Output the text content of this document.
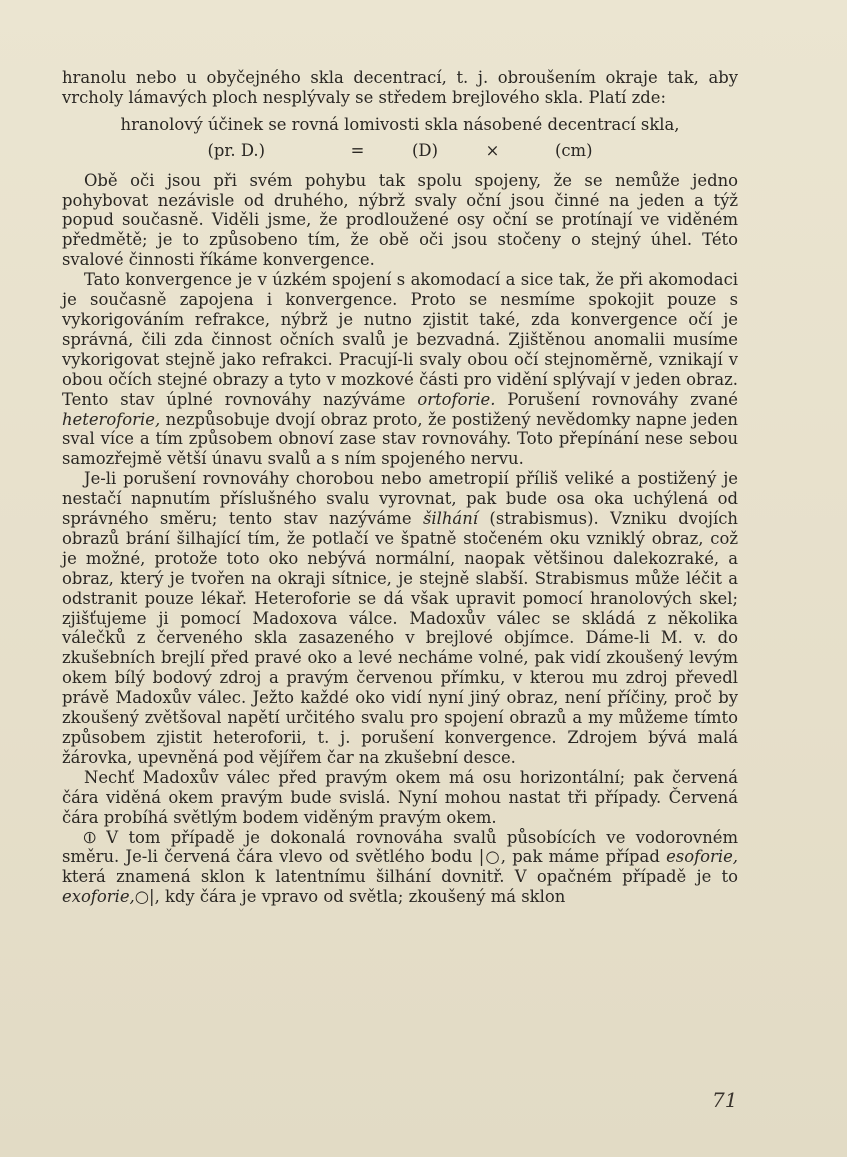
hranolu nebo u obyčejného skla decentrací, t. j. obroušením okraje tak, aby vrcholy lámavých ploch nesplývaly se středem brejlového skla. Platí zde:

hranolový účinek se rovná lomivosti skla násobené decentrací skla,

(pr. D.)	=	(D)	×	(cm)

Obě oči jsou při svém pohybu tak spolu spojeny, že se nemůže jedno pohybovat nezávisle od druhého, nýbrž svaly oční jsou činné na jeden a týž popud současně. Viděli jsme, že prodloužené osy oční se protínají ve viděném předmětě; je to způsobeno tím, že obě oči jsou stočeny o stejný úhel. Této svalové činnosti říkáme konvergence.

Tato konvergence je v úzkém spojení s akomodací a sice tak, že při akomodaci je současně zapojena i konvergence. Proto se nesmíme spokojit pouze s vykorigováním refrakce, nýbrž je nutno zjistit také, zda konvergence očí je správná, čili zda činnost očních svalů je bezvadná. Zjištěnou anomalii musíme vykorigovat stejně jako refrakci. Pracují-li svaly obou očí stejnoměrně, vznikají v obou očích stejné obrazy a tyto v mozkové části pro vidění splývají v jeden obraz. Tento stav úplné rovnováhy nazýváme ortoforie. Porušení rovnováhy zvané heteroforie, nezpůsobuje dvojí obraz proto, že postižený nevědomky napne jeden sval více a tím způsobem obnoví zase stav rovnováhy. Toto přepínání nese sebou samozřejmě větší únavu svalů a s ním spojeného nervu.

Je-li porušení rovnováhy chorobou nebo ametropií příliš veliké a postižený je nestačí napnutím příslušného svalu vyrovnat, pak bude osa oka uchýlená od správného směru; tento stav nazýváme šilhání (strabismus). Vzniku dvojích obrazů brání šilhající tím, že potlačí ve špatně stočeném oku vzniklý obraz, což je možné, protože toto oko nebývá normální, naopak většinou dalekozraké, a obraz, který je tvořen na okraji sítnice, je stejně slabší. Strabismus může léčit a odstranit pouze lékař. Heteroforie se dá však upravit pomocí hranolových skel; zjišťujeme ji pomocí Madoxova válce. Madoxův válec se skládá z několika válečků z červeného skla zasazeného v brejlové objímce. Dáme-li M. v. do zkušebních brejlí před pravé oko a levé necháme volné, pak vidí zkoušený levým okem bílý bodový zdroj a pravým červenou přímku, v kterou mu zdroj převedl právě Madoxův válec. Ježto každé oko vidí nyní jiný obraz, není příčiny, proč by zkoušený zvětšoval napětí určitého svalu pro spojení obrazů a my můžeme tímto způsobem zjistit heteroforii, t. j. porušení konvergence. Zdrojem bývá malá žárovka, upevněná pod vějířem čar na zkušební desce.

Nechť Madoxův válec před pravým okem má osu horizontální; pak červená čára viděná okem pravým bude svislá. Nyní mohou nastat tři případy. Červená čára probíhá světlým bodem viděným pravým okem.

⦶ V tom případě je dokonalá rovnováha svalů působících ve vodorovném směru. Je-li červená čára vlevo od světlého bodu |○, pak máme případ esoforie, která znamená sklon k latentnímu šilhání dovnitř. V opačném případě je to exoforie,○|, kdy čára je vpravo od světla; zkoušený má sklon

71
